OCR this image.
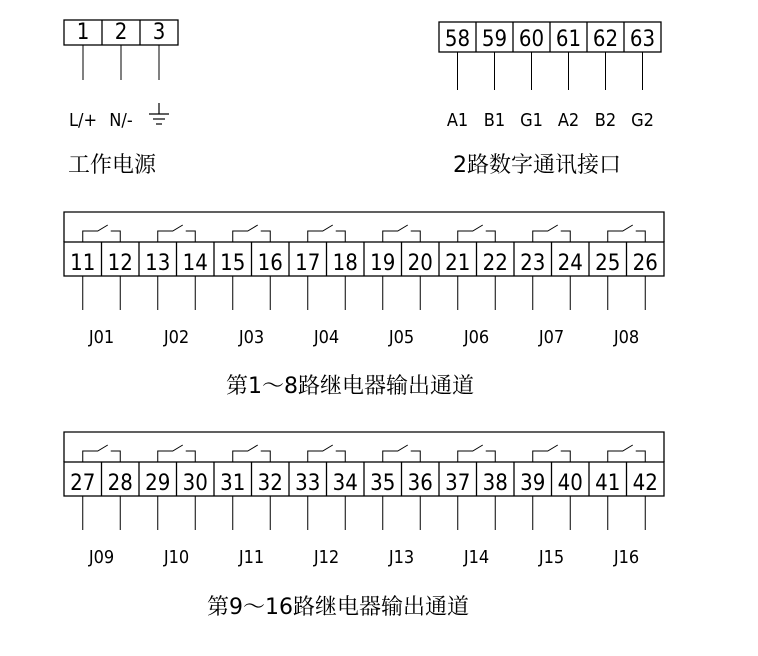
1 2 3
L/+ N/-
58 59 60 61 62 63
A1 B1 G1 A2 B2 G2
11 12 13 14 15 16 17 18 19 20 21 22 23 24 25 26
J01	J02	J03	J04	J05	J06	J07	J08
27 28 29 30 31 32 33 34 35 36 37 38 39 40 41 42
J09	J10	J11	J12	J13	J14	J15	J16
工作电源	2路数字通讯接口
第1～8路继电器输出通道
第9～16路继电器输出通道
